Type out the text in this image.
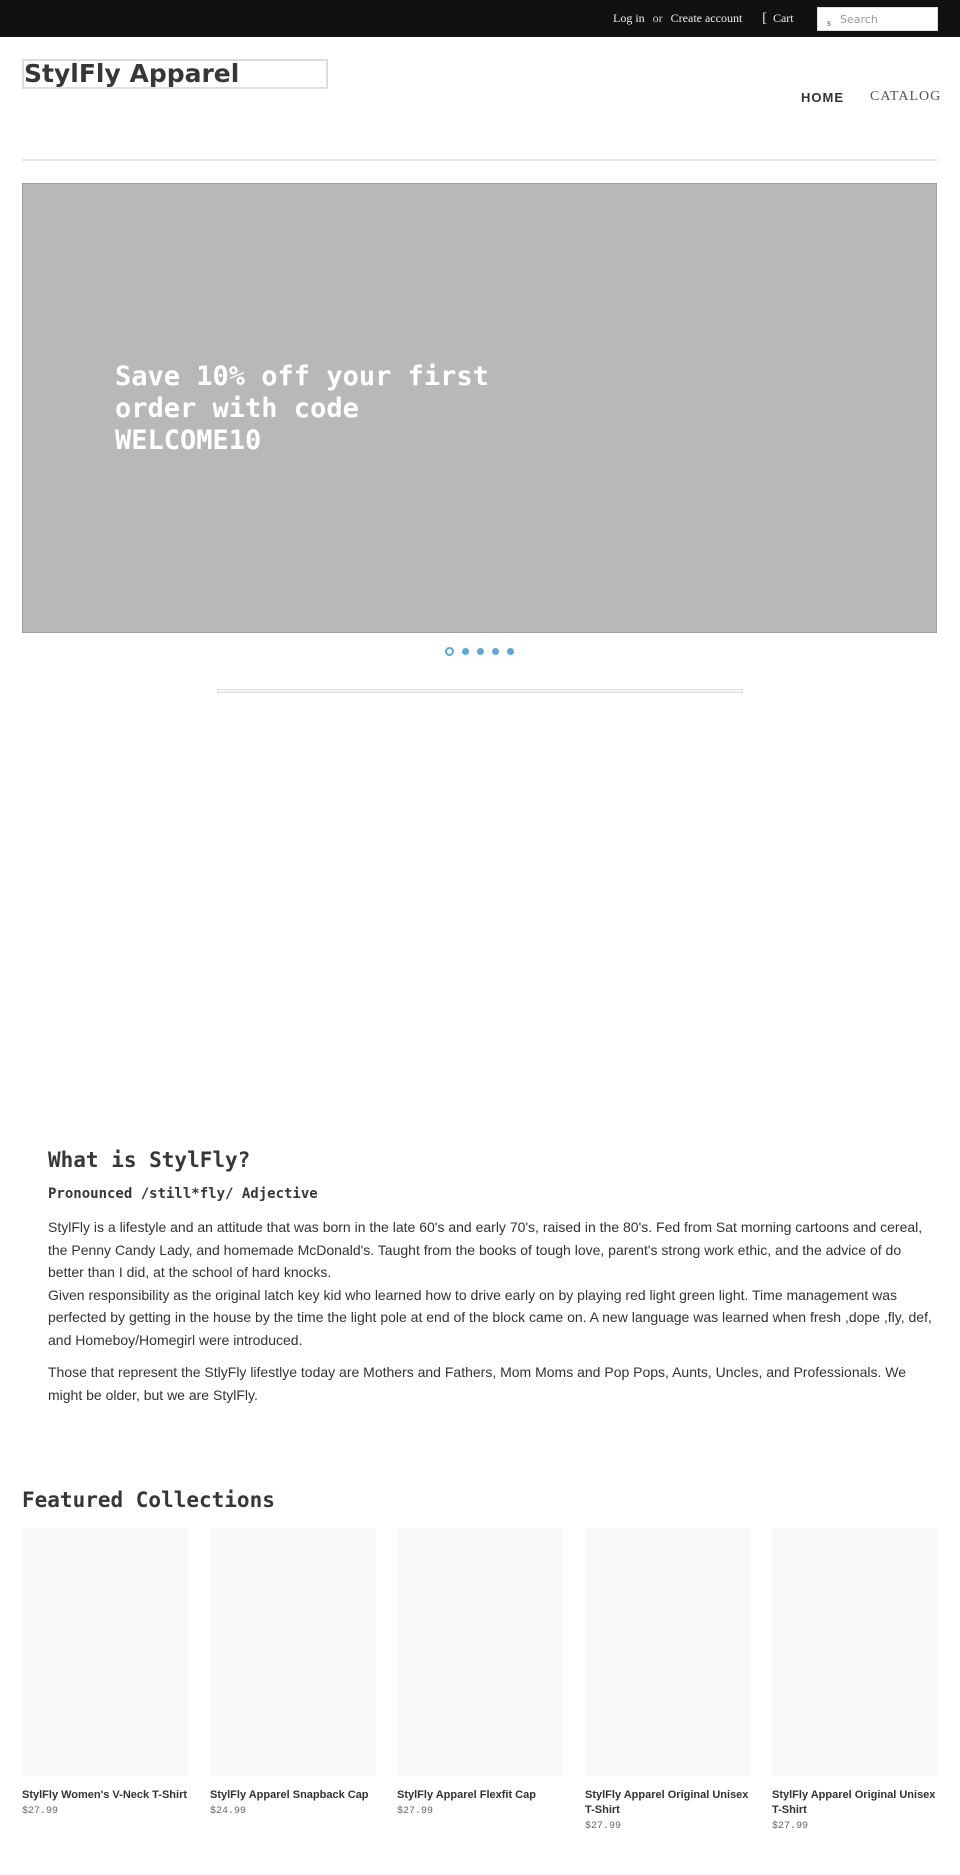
Log in or Create account [ Cart	s
Search
StylFly Apparel
HOME CATALOG
Save 10% off your first order with code WELCOME10
What is StylFly?
Pronounced /still*fly/ Adjective

StylFly is a lifestyle and an attitude that was born in the late 60's and early 70's, raised in the 80's. Fed from Sat morning cartoons and cereal, the Penny Candy Lady, and homemade McDonald's. Taught from the books of tough love, parent's strong work ethic, and the advice of do better than I did, at the school of hard knocks.
Given responsibility as the original latch key kid who learned how to drive early on by playing red light green light. Time management was perfected by getting in the house by the time the light pole at end of the block came on. A new language was learned when fresh ,dope ,fly, def, and Homeboy/Homegirl were introduced.

Those that represent the StlyFly lifestlye today are Mothers and Fathers, Mom Moms and Pop Pops, Aunts, Uncles, and Professionals. We might be older, but we are StylFly.

Featured Collections
StylFly Women's V-Neck T-Shirt
$27.99
StylFly Apparel Snapback Cap
$24.99
StylFly Apparel Flexfit Cap
$27.99
StylFly Apparel Original Unisex T-Shirt
$27.99
StylFly Apparel Original Unisex T-Shirt
$27.99
